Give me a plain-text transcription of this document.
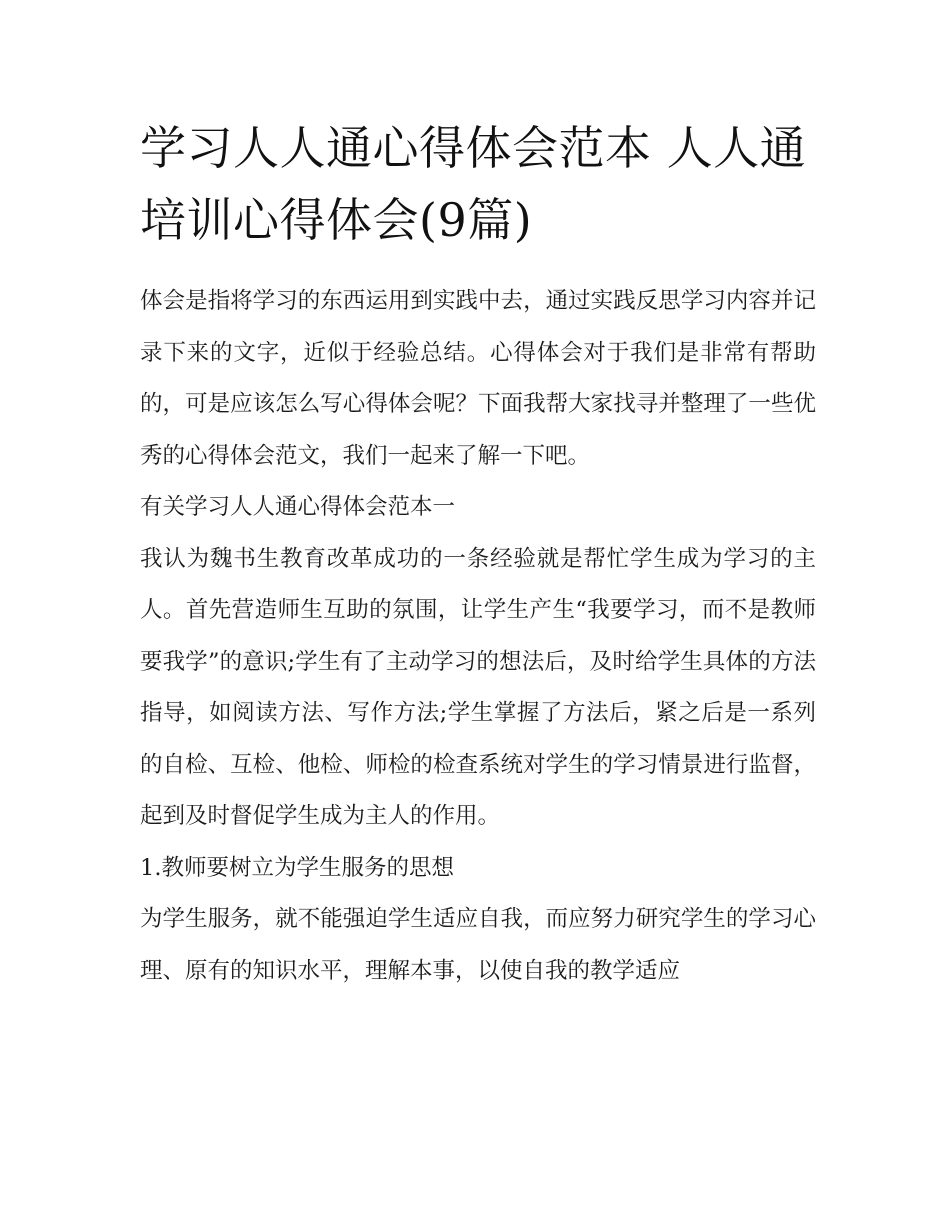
学习人人通心得体会范本 人人通培训心得体会(9篇)

体会是指将学习的东西运用到实践中去，通过实践反思学习内容并记录下来的文字，近似于经验总结。心得体会对于我们是非常有帮助的，可是应该怎么写心得体会呢？下面我帮大家找寻并整理了一些优秀的心得体会范文，我们一起来了解一下吧。

有关学习人人通心得体会范本一

我认为魏书生教育改革成功的一条经验就是帮忙学生成为学习的主人。首先营造师生互助的氛围，让学生产生“我要学习，而不是教师要我学”的意识;学生有了主动学习的想法后，及时给学生具体的方法指导，如阅读方法、写作方法;学生掌握了方法后，紧之后是一系列的自检、互检、他检、师检的检查系统对学生的学习情景进行监督，起到及时督促学生成为主人的作用。

1.教师要树立为学生服务的思想

为学生服务，就不能强迫学生适应自我，而应努力研究学生的学习心理、原有的知识水平，理解本事，以使自我的教学适应
